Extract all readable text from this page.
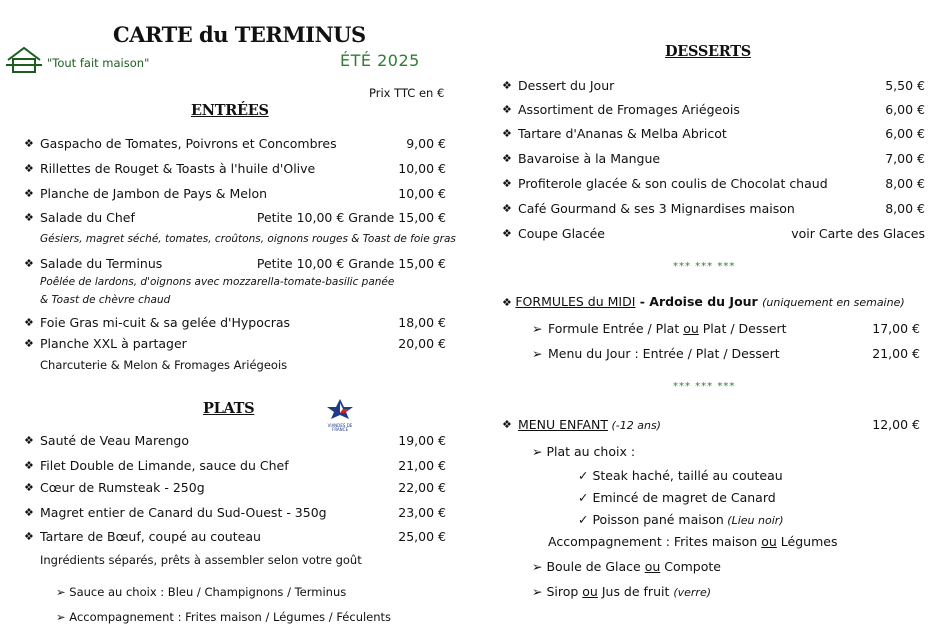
CARTE du TERMINUS
"Tout fait maison"	ÉTÉ 2025
Prix TTC en €
ENTRÉES
❖ Gaspacho de Tomates, Poivrons et Concombres	9,00 €
❖ Rillettes de Rouget & Toasts à l'huile d'Olive	10,00 €
❖ Planche de Jambon de Pays & Melon	10,00 €
❖ Salade du Chef	Petite 10,00 € Grande 15,00 €
Gésiers, magret séché, tomates, croûtons, oignons rouges & Toast de foie gras
❖ Salade du Terminus	Petite 10,00 € Grande 15,00 €
Poêlée de lardons, d'oignons avec mozzarella-tomate-basilic panée
& Toast de chèvre chaud
❖ Foie Gras mi-cuit & sa gelée d'Hypocras	18,00 €
❖ Planche XXL à partager	20,00 €
Charcuterie & Melon & Fromages Ariégeois
PLATS
VIANDES DE FRANCE
❖ Sauté de Veau Marengo	19,00 €
❖ Filet Double de Limande, sauce du Chef	21,00 €
❖ Cœur de Rumsteak - 250g	22,00 €
❖ Magret entier de Canard du Sud-Ouest - 350g	23,00 €
❖ Tartare de Bœuf, coupé au couteau	25,00 €
Ingrédients séparés, prêts à assembler selon votre goût
➢ Sauce au choix : Bleu / Champignons / Terminus
➢ Accompagnement : Frites maison / Légumes / Féculents
DESSERTS
❖ Dessert du Jour	5,50 €
❖ Assortiment de Fromages Ariégeois	6,00 €
❖ Tartare d'Ananas & Melba Abricot	6,00 €
❖ Bavaroise à la Mangue	7,00 €
❖ Profiterole glacée & son coulis de Chocolat chaud	8,00 €
❖ Café Gourmand & ses 3 Mignardises maison	8,00 €
❖ Coupe Glacée	voir Carte des Glaces
*** *** ***
❖ FORMULES du MIDI - Ardoise du Jour (uniquement en semaine)
➢ Formule Entrée / Plat ou Plat / Dessert	17,00 €
➢ Menu du Jour : Entrée / Plat / Dessert	21,00 €
*** *** ***
❖ MENU ENFANT (-12 ans)	12,00 €
➢ Plat au choix :
✓ Steak haché, taillé au couteau
✓ Emincé de magret de Canard
✓ Poisson pané maison (Lieu noir)
Accompagnement : Frites maison ou Légumes
➢ Boule de Glace ou Compote
➢ Sirop ou Jus de fruit (verre)
